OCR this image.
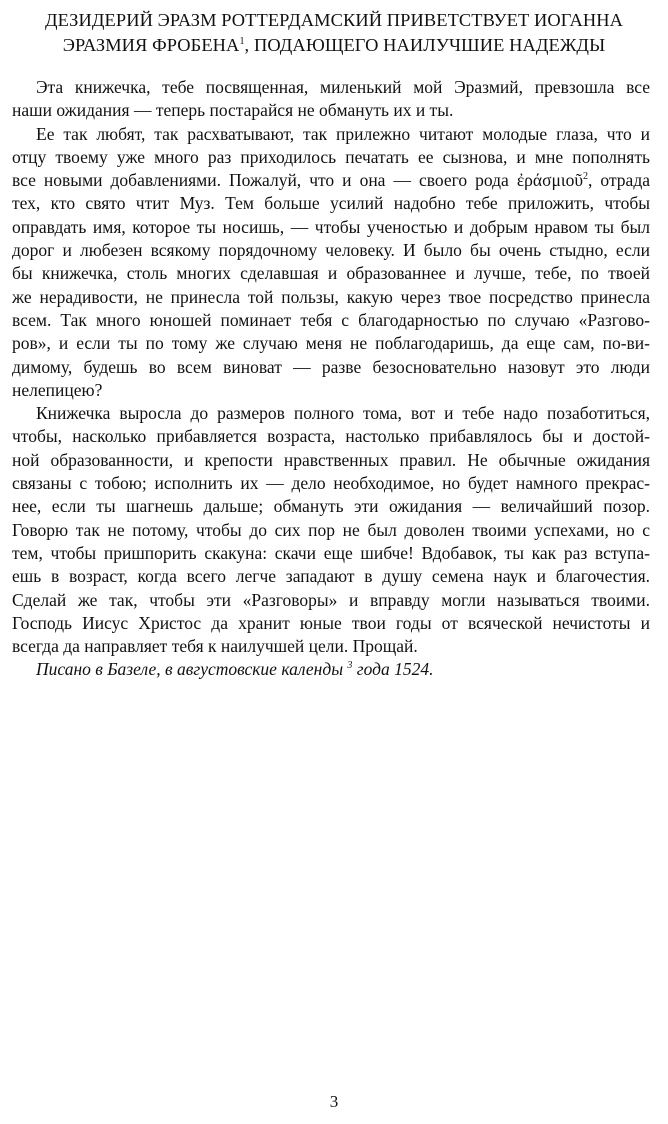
ДЕЗИДЕРИЙ ЭРАЗМ РОТТЕРДАМСКИЙ ПРИВЕТСТВУЕТ ИОГАННА
ЭРАЗМИЯ ФРОБЕНА$^1$, ПОДАЮЩЕГО НАИЛУЧШИЕ НАДЕЖДЫ

Эта книжечка, тебе посвященная, миленький мой Эразмий, превзошла все
наши ожидания — теперь постарайся не обмануть их и ты.

Ее так любят, так расхватывают, так прилежно читают молодые глаза, что и
отцу твоему уже много раз приходилось печатать ее сызнова, и мне пополнять
все новыми добавлениями. Пожалуй, что и она — своего рода ἐράσμιοῦ$^2$, отрада
тех, кто свято чтит Муз. Тем больше усилий надобно тебе приложить, чтобы
оправдать имя, которое ты носишь, — чтобы ученостью и добрым нравом ты был
дорог и любезен всякому порядочному человеку. И было бы очень стыдно, если
бы книжечка, столь многих сделавшая и образованнее и лучше, тебе, по твоей
же нерадивости, не принесла той пользы, какую через твое посредство принесла
всем. Так много юношей поминает тебя с благодарностью по случаю «Разгово-
ров», и если ты по тому же случаю меня не поблагодаришь, да еще сам, по-ви-
димому, будешь во всем виноват — разве безосновательно назовут это люди
нелепицею?

Книжечка выросла до размеров полного тома, вот и тебе надо позаботиться,
чтобы, насколько прибавляется возраста, настолько прибавлялось бы и достой-
ной образованности, и крепости нравственных правил. Не обычные ожидания
связаны с тобою; исполнить их — дело необходимое, но будет намного прекрас-
нее, если ты шагнешь дальше; обмануть эти ожидания — величайший позор.
Говорю так не потому, чтобы до сих пор не был доволен твоими успехами, но с
тем, чтобы пришпорить скакуна: скачи еще шибче! Вдобавок, ты как раз вступа-
ешь в возраст, когда всего легче западают в душу семена наук и благочестия.
Сделай же так, чтобы эти «Разговоры» и вправду могли называться твоими.
Господь Иисус Христос да хранит юные твои годы от всяческой нечистоты и
всегда да направляет тебя к наилучшей цели. Прощай.

Писано в Базеле, в августовские календы $^3$ года 1524.

3
